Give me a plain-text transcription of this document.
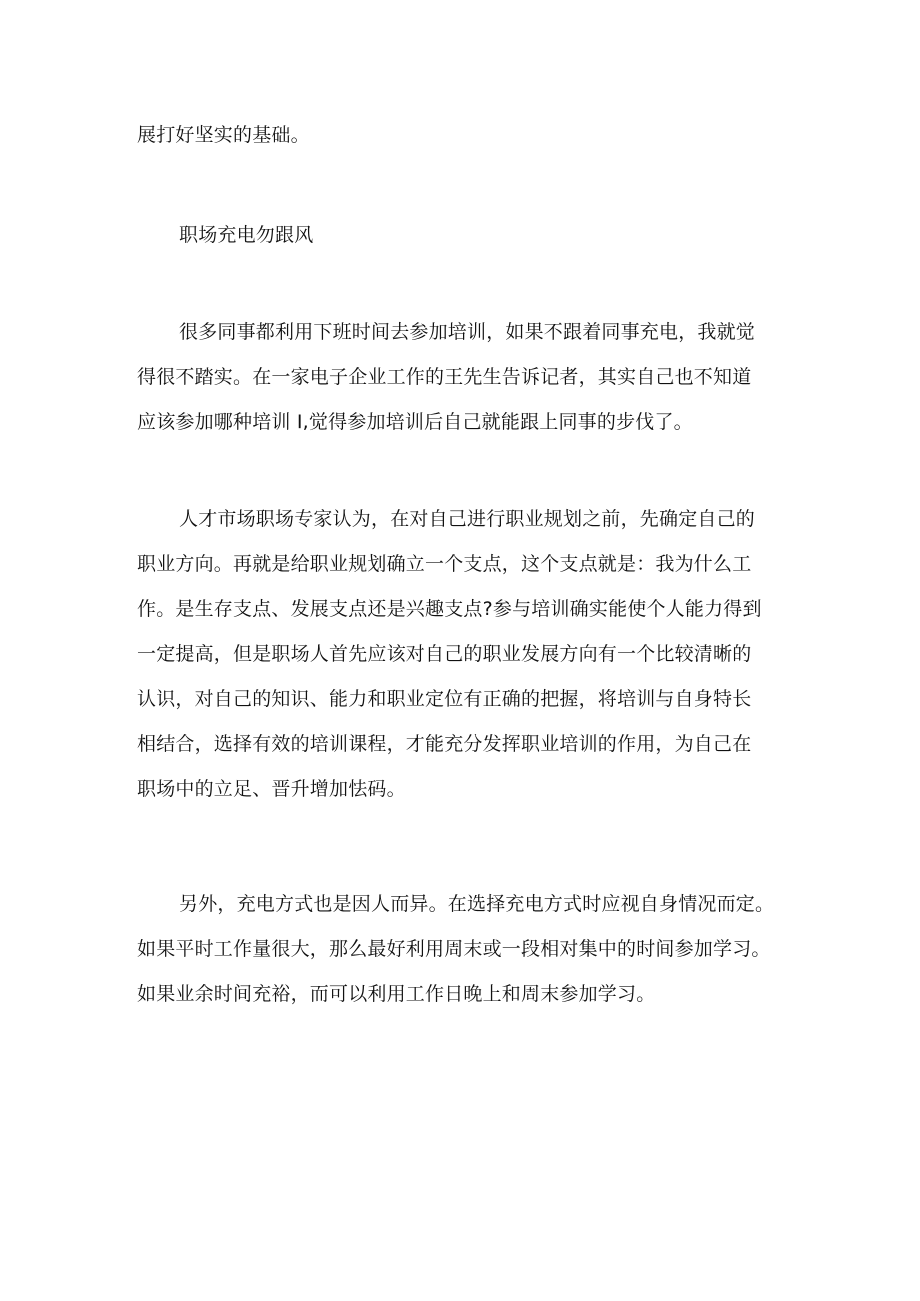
展打好坚实的基础。
职场充电勿跟风
很多同事都利用下班时间去参加培训，如果不跟着同事充电，我就觉
得很不踏实。在一家电子企业工作的王先生告诉记者，其实自己也不知道
应该参加哪种培训 Ι,觉得参加培训后自己就能跟上同事的步伐了。
人才市场职场专家认为，在对自己进行职业规划之前，先确定自己的
职业方向。再就是给职业规划确立一个支点，这个支点就是：我为什么工
作。是生存支点、发展支点还是兴趣支点?参与培训确实能使个人能力得到
一定提高，但是职场人首先应该对自己的职业发展方向有一个比较清晰的
认识，对自己的知识、能力和职业定位有正确的把握，将培训与自身特长
相结合，选择有效的培训课程，才能充分发挥职业培训的作用，为自己在
职场中的立足、晋升增加怯码。
另外，充电方式也是因人而异。在选择充电方式时应视自身情况而定。
如果平时工作量很大，那么最好利用周末或一段相对集中的时间参加学习。
如果业余时间充裕，而可以利用工作日晚上和周末参加学习。
